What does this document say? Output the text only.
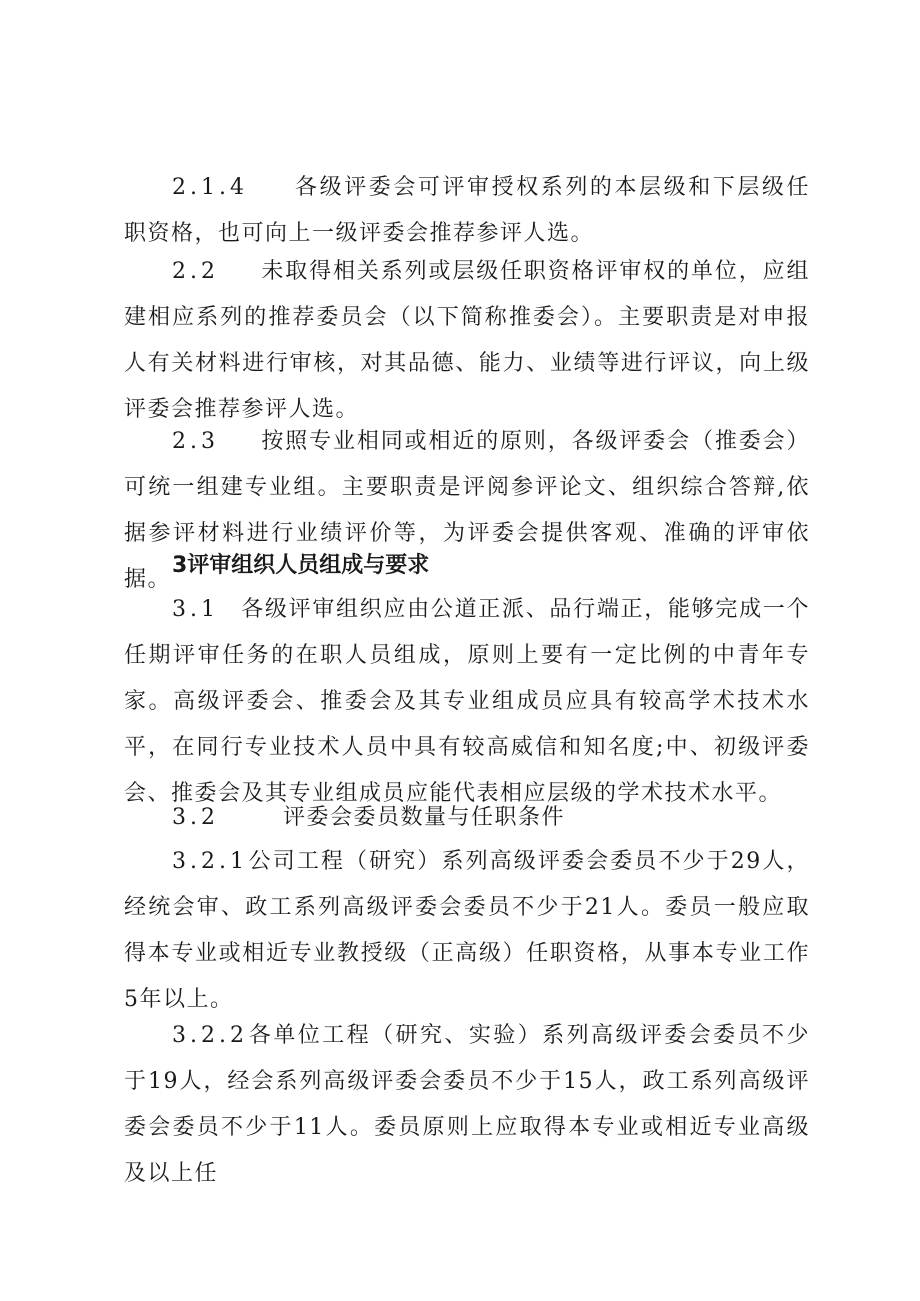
2.1.4 各级评委会可评审授权系列的本层级和下层级任职资格，也可向上一级评委会推荐参评人选。

2.2 未取得相关系列或层级任职资格评审权的单位，应组建相应系列的推荐委员会（以下简称推委会）。主要职责是对申报人有关材料进行审核，对其品德、能力、业绩等进行评议，向上级评委会推荐参评人选。

2.3 按照专业相同或相近的原则，各级评委会（推委会）可统一组建专业组。主要职责是评阅参评论文、组织综合答辩,依据参评材料进行业绩评价等，为评委会提供客观、准确的评审依据。

3评审组织人员组成与要求

3.1 各级评审组织应由公道正派、品行端正，能够完成一个任期评审任务的在职人员组成，原则上要有一定比例的中青年专家。高级评委会、推委会及其专业组成员应具有较高学术技术水平，在同行专业技术人员中具有较高威信和知名度;中、初级评委会、推委会及其专业组成员应能代表相应层级的学术技术水平。

3.2	评委会委员数量与任职条件

3.2.1公司工程（研究）系列高级评委会委员不少于29人，经统会审、政工系列高级评委会委员不少于21人。委员一般应取得本专业或相近专业教授级（正高级）任职资格，从事本专业工作5年以上。

3.2.2各单位工程（研究、实验）系列高级评委会委员不少于19人，经会系列高级评委会委员不少于15人，政工系列高级评委会委员不少于11人。委员原则上应取得本专业或相近专业高级及以上任
